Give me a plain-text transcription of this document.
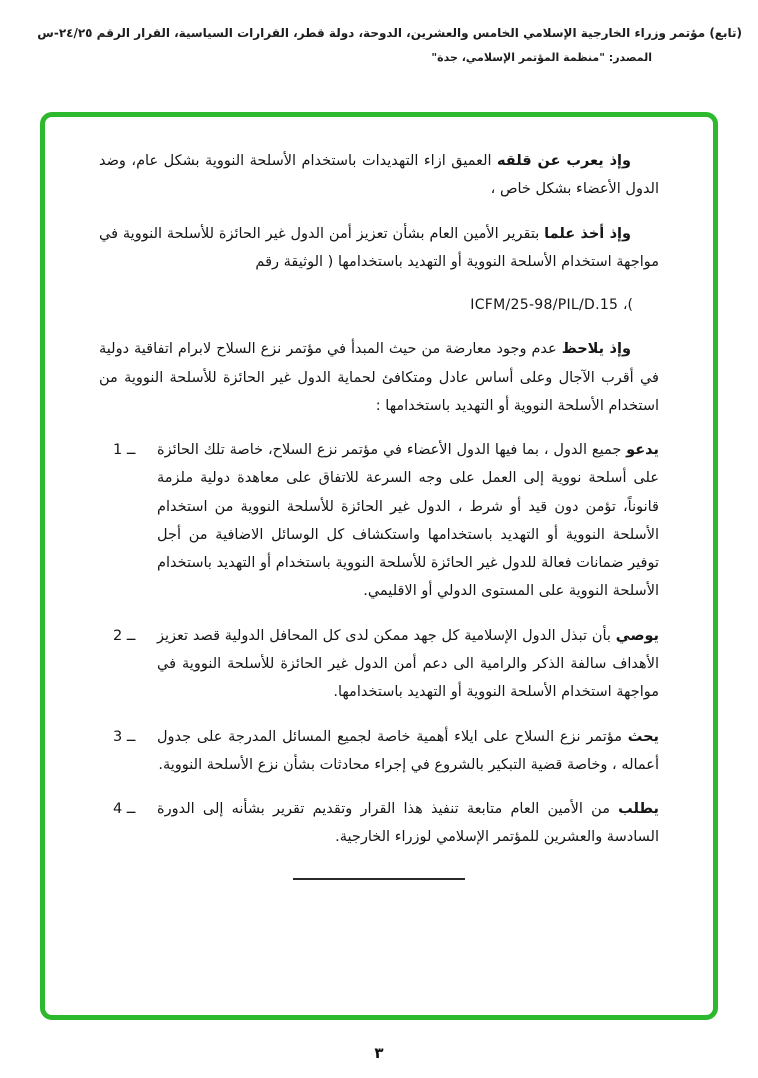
(تابع) مؤتمر وزراء الخارجية الإسلامي الخامس والعشرين، الدوحة، دولة قطر، القرارات السياسية، القرار الرقم ٢٤/٢٥-س
المصدر: "منظمة المؤتمر الإسلامي، جدة"

وإذ يعرب عن قلقه العميق ازاء التهديدات باستخدام الأسلحة النووية بشكل عام، وضد الدول الأعضاء بشكل خاص ،

وإذ أخذ علما بتقرير الأمين العام بشأن تعزيز أمن الدول غير الحائزة للأسلحة النووية في مواجهة استخدام الأسلحة النووية أو التهديد باستخدامها ( الوثيقة رقم

ICFM/25-98/PIL/D.15 ،(

وإذ يلاحظ عدم وجود معارضة من حيث المبدأ في مؤتمر نزع السلاح لابرام اتفاقية دولية في أقرب الآجال وعلى أساس عادل ومتكافئ لحماية الدول غير الحائزة للأسلحة النووية من استخدام الأسلحة النووية أو التهديد باستخدامها :

1 ــ	يدعو جميع الدول ، بما فيها الدول الأعضاء في مؤتمر نزع السلاح، خاصة تلك الحائزة على أسلحة نووية إلى العمل على وجه السرعة للاتفاق على معاهدة دولية ملزمة قانوناً، تؤمن دون قيد أو شرط ، الدول غير الحائزة للأسلحة النووية من استخدام الأسلحة النووية أو التهديد باستخدامها واستكشاف كل الوسائل الاضافية من أجل توفير ضمانات فعالة للدول غير الحائزة للأسلحة النووية باستخدام أو التهديد باستخدام الأسلحة النووية على المستوى الدولي أو الاقليمي.
2 ــ	يوصي بأن تبذل الدول الإسلامية كل جهد ممكن لدى كل المحافل الدولية قصد تعزيز الأهداف سالفة الذكر والرامية الى دعم أمن الدول غير الحائزة للأسلحة النووية في مواجهة استخدام الأسلحة النووية أو التهديد باستخدامها.
3 ــ	يحث مؤتمر نزع السلاح على ايلاء أهمية خاصة لجميع المسائل المدرجة على جدول أعماله ، وخاصة قضية التبكير بالشروع في إجراء محادثات بشأن نزع الأسلحة النووية.
4 ــ	يطلب من الأمين العام متابعة تنفيذ هذا القرار وتقديم تقرير بشأنه إلى الدورة السادسة والعشرين للمؤتمر الإسلامي لوزراء الخارجية.
٣
